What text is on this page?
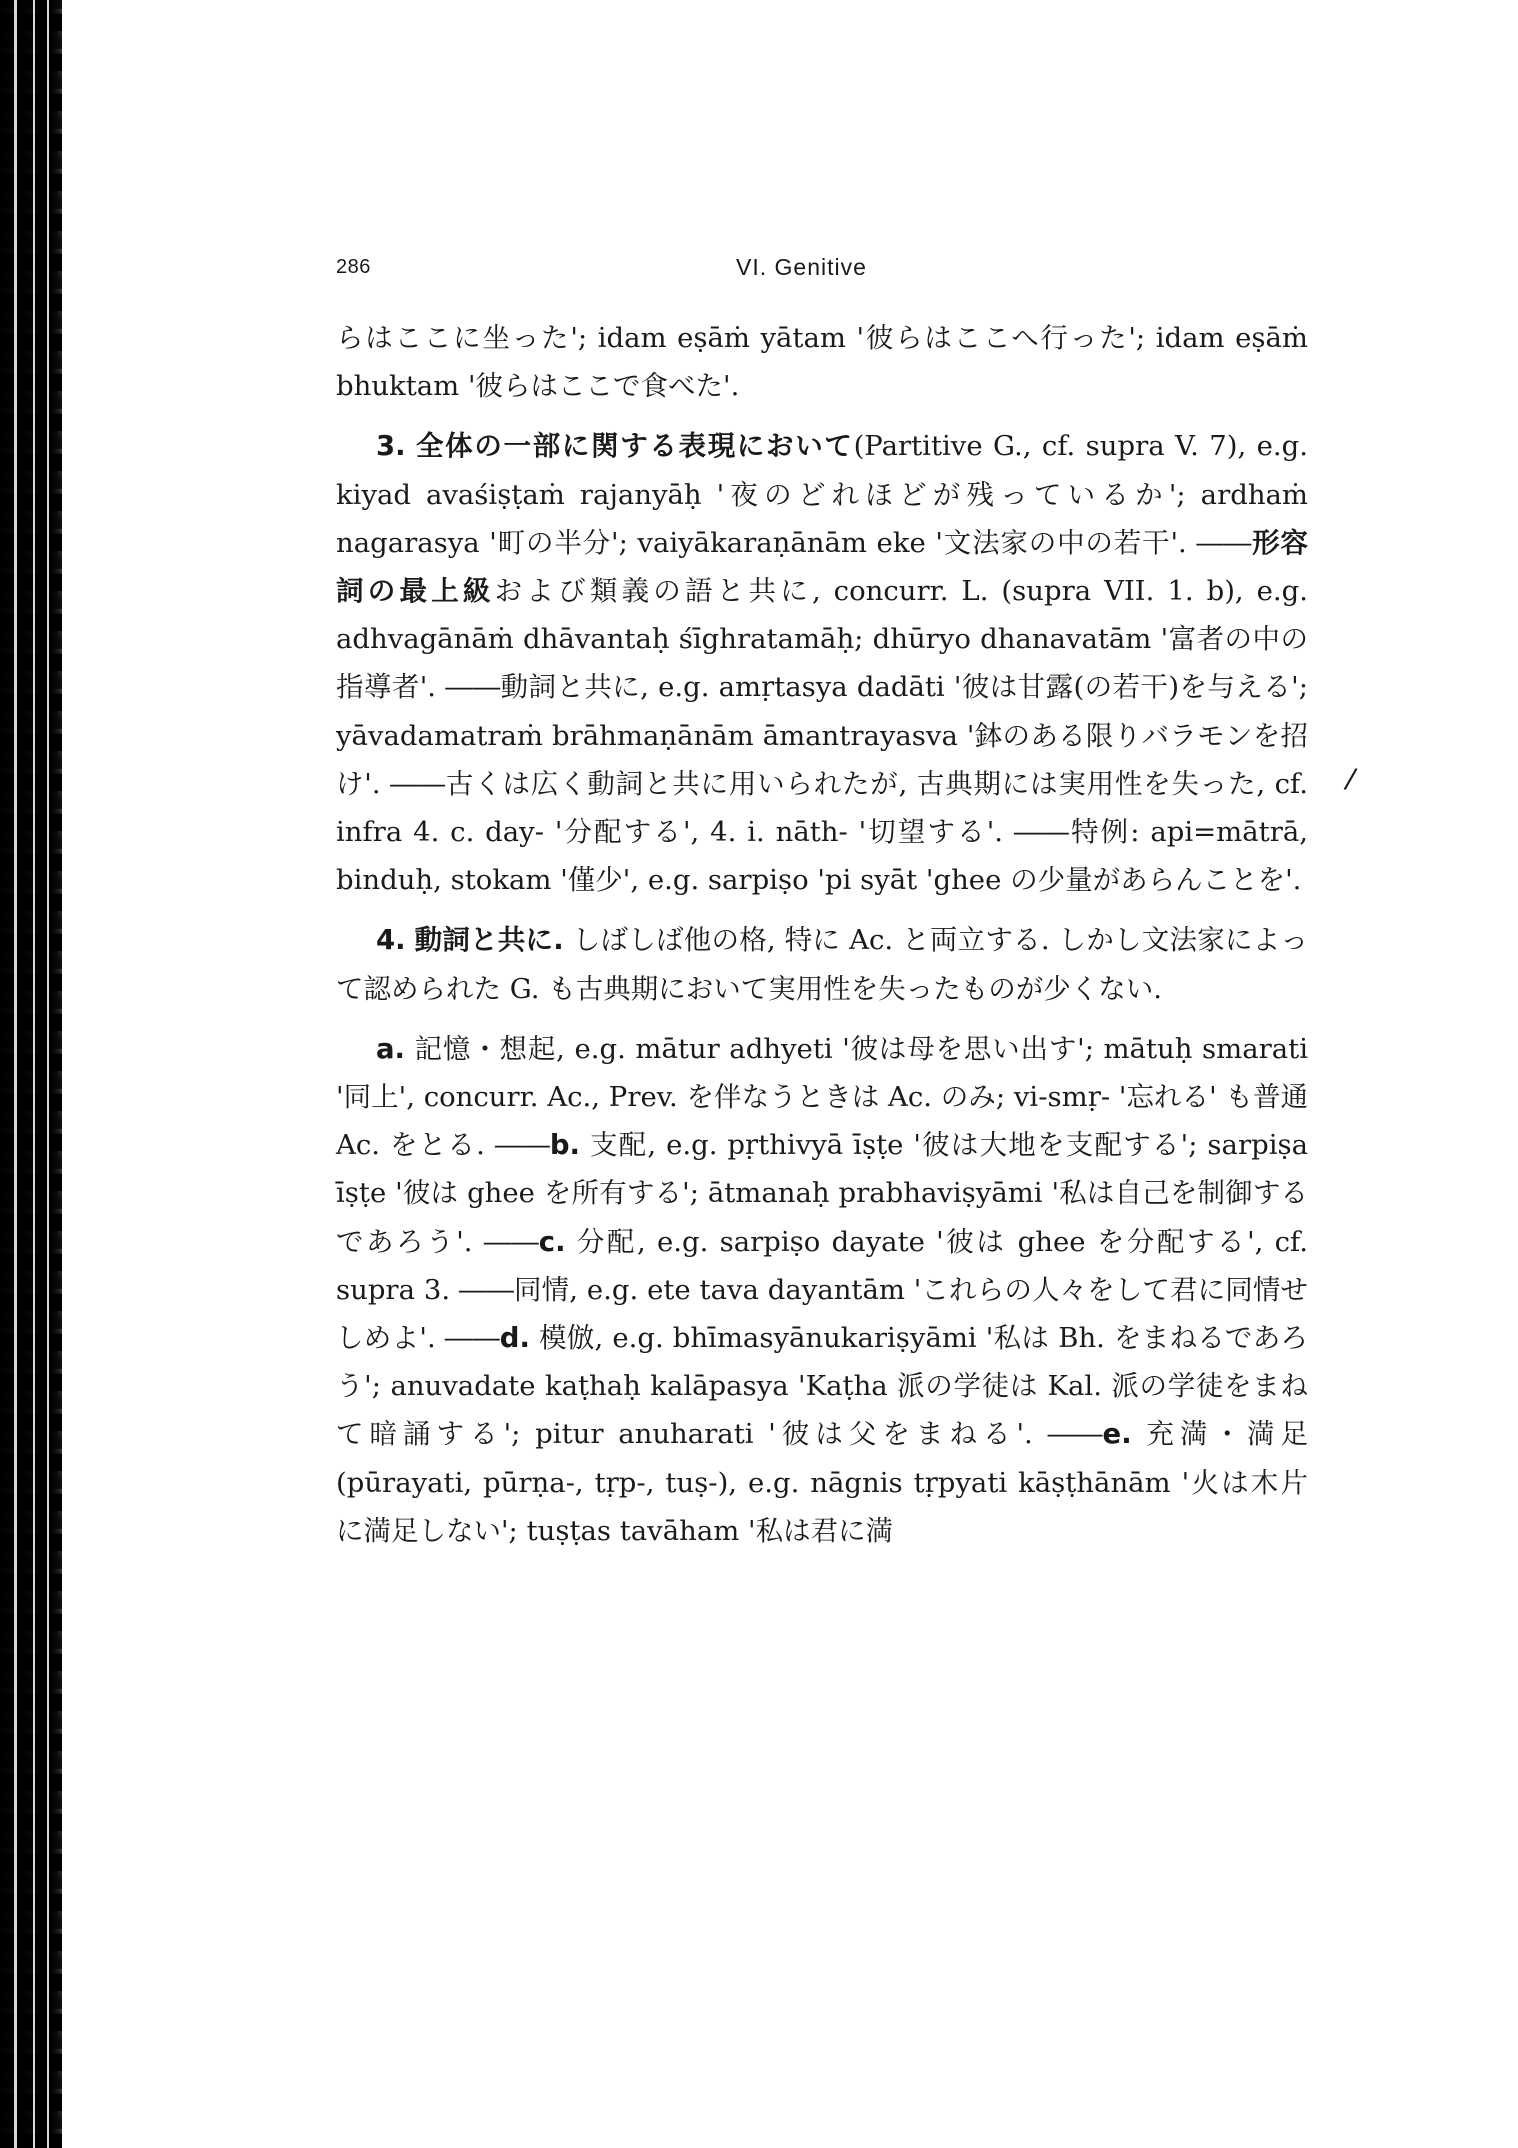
286	VI. Genitive
/

らはここに坐った'; idam eṣāṁ yātam '彼らはここへ行った'; idam eṣāṁ bhuktam '彼らはここで食べた'.

3. 全体の一部に関する表現において(Partitive G., cf. supra V. 7), e.g. kiyad avaśiṣṭaṁ rajanyāḥ '夜のどれほどが残っているか'; ardhaṁ nagarasya '町の半分'; vaiyākaraṇānām eke '文法家の中の若干'. ――形容詞の最上級および類義の語と共に, concurr. L. (supra VII. 1. b), e.g. adhvagānāṁ dhāvantaḥ śīghratamāḥ; dhūryo dhanavatām '富者の中の指導者'. ――動詞と共に, e.g. amṛtasya dadāti '彼は甘露(の若干)を与える'; yāvadamatraṁ brāhmaṇānām āmantrayasva '鉢のある限りバラモンを招け'. ――古くは広く動詞と共に用いられたが, 古典期には実用性を失った, cf. infra 4. c. day- '分配する', 4. i. nāth- '切望する'. ――特例: api=mātrā, binduḥ, stokam '僅少', e.g. sarpiṣo 'pi syāt 'ghee の少量があらんことを'.

4. 動詞と共に. しばしば他の格, 特に Ac. と両立する. しかし文法家によって認められた G. も古典期において実用性を失ったものが少くない.

a. 記憶・想起, e.g. mātur adhyeti '彼は母を思い出す'; mātuḥ smarati '同上', concurr. Ac., Prev. を伴なうときは Ac. のみ; vi-smṛ- '忘れる' も普通 Ac. をとる. ――b. 支配, e.g. pṛthivyā īṣṭe '彼は大地を支配する'; sarpiṣa īṣṭe '彼は ghee を所有する'; ātmanaḥ prabhaviṣyāmi '私は自己を制御するであろう'. ――c. 分配, e.g. sarpiṣo dayate '彼は ghee を分配する', cf. supra 3. ――同情, e.g. ete tava dayantām 'これらの人々をして君に同情せしめよ'. ――d. 模倣, e.g. bhīmasyānukariṣyāmi '私は Bh. をまねるであろう'; anuvadate kaṭhaḥ kalāpasya 'Kaṭha 派の学徒は Kal. 派の学徒をまねて暗誦する'; pitur anuharati '彼は父をまねる'. ――e. 充満・満足(pūrayati, pūrṇa-, tṛp-, tuṣ-), e.g. nāgnis tṛpyati kāṣṭhānām '火は木片に満足しない'; tuṣṭas tavāham '私は君に満
